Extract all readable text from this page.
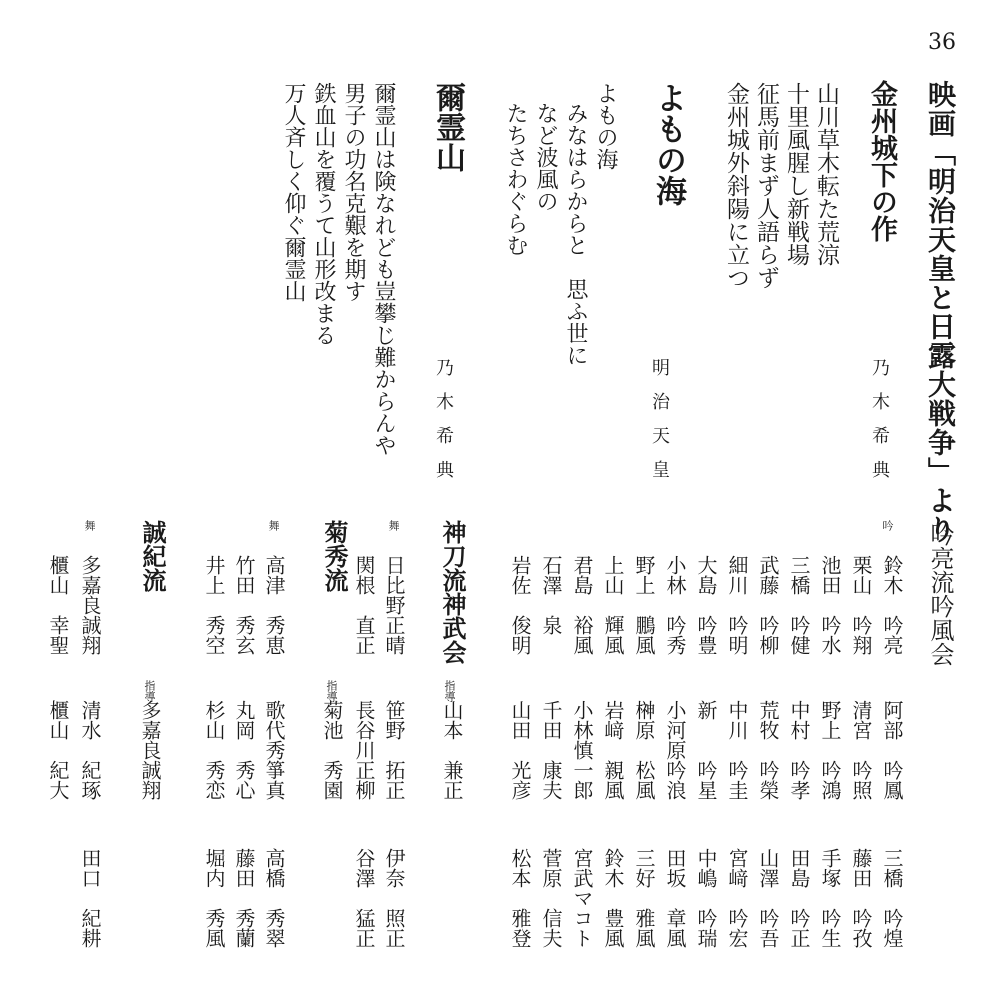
36
映画「明治天皇と日露大戦争」より
吟亮流吟風会
金州城下の作
山川草木転た荒涼
十里風腥し新戦場
征馬前まず人語らず
金州城外斜陽に立つ
乃木希典
よもの海
よもの海
みなはらからと　思ふ世に
など波風の
たちさわぐらむ
明治天皇
爾霊山
爾霊山は険なれども豈攀じ難からんや
男子の功名克艱を期す
鉄血山を覆うて山形改まる
万人斉しく仰ぐ爾霊山
乃木希典
吟
鈴木　吟亮
阿部　吟鳳
三橋　吟煌
栗山　吟翔
清宮　吟照
藤田　吟孜
池田　吟水
野上　吟鴻
手塚　吟生
三橋　吟健
中村　吟孝
田島　吟正
武藤　吟柳
荒牧　吟榮
山澤　吟吾
細川　吟明
中川　吟圭
宮﨑　吟宏
大島　吟豊
新　　吟星
中嶋　吟瑞
小林　吟秀
小河原吟浪
田坂　章風
野上　鵬風
榊原　松風
三好　雅風
上山　輝風
岩﨑　親風
鈴木　豊風
君島　裕風
小林慎一郎
宮武マコト
石澤　泉
千田　康夫
菅原　信夫
岩佐　俊明
山田　光彦
松本　雅登
神刀流神武会
指導
山本　兼正
舞
日比野正晴
笹野　拓正
伊奈　照正
関根　直正
長谷川正柳
谷澤　猛正
菊秀流
指導
菊池　秀園
舞
高津　秀恵
歌代秀箏真
高橋　秀翠
竹田　秀玄
丸岡　秀心
藤田　秀蘭
井上　秀空
杉山　秀恋
堀内　秀風
誠紀流
指導
多嘉良誠翔
舞
多嘉良誠翔
清水　紀琢
田口　紀耕
櫃山　幸聖
櫃山　紀大
